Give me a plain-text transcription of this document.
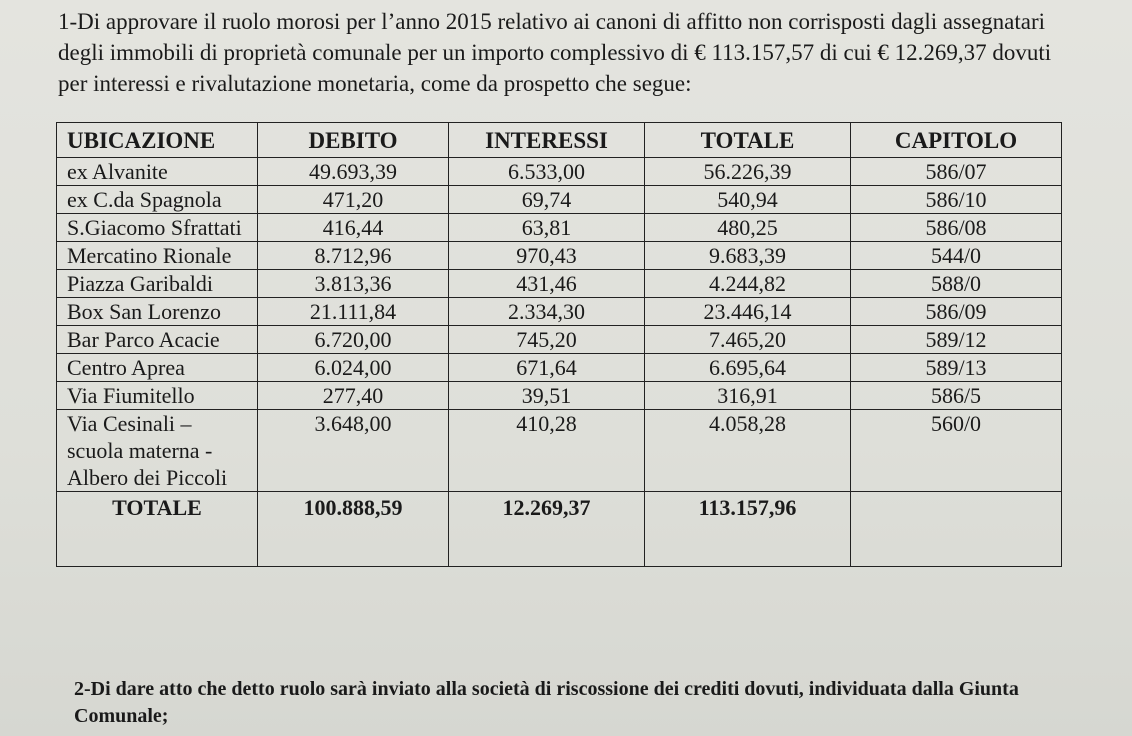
1-Di approvare il ruolo morosi per l’anno 2015 relativo ai canoni di affitto non corrisposti dagli assegnatari degli immobili di proprietà comunale per un importo complessivo di € 113.157,57 di cui € 12.269,37 dovuti per interessi e rivalutazione monetaria, come da prospetto che segue:

UBICAZIONE	DEBITO	INTERESSI	TOTALE	CAPITOLO
ex Alvanite	49.693,39	6.533,00	56.226,39	586/07
ex C.da Spagnola	471,20	69,74	540,94	586/10
S.Giacomo Sfrattati	416,44	63,81	480,25	586/08
Mercatino Rionale	8.712,96	970,43	9.683,39	544/0
Piazza Garibaldi	3.813,36	431,46	4.244,82	588/0
Box San Lorenzo	21.111,84	2.334,30	23.446,14	586/09
Bar Parco Acacie	6.720,00	745,20	7.465,20	589/12
Centro Aprea	6.024,00	671,64	6.695,64	589/13
Via Fiumitello	277,40	39,51	316,91	586/5
Via Cesinali – scuola materna - Albero dei Piccoli	3.648,00	410,28	4.058,28	560/0
TOTALE	100.888,59	12.269,37	113.157,96	

2-Di dare atto che detto ruolo sarà inviato alla società di riscossione dei crediti dovuti, individuata dalla Giunta Comunale;
